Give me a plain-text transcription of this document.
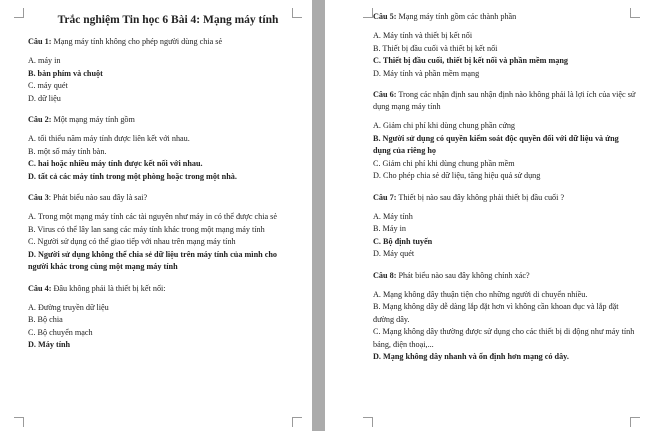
Trắc nghiệm Tin học 6 Bài 4: Mạng máy tính

Câu 1: Mạng máy tính không cho phép người dùng chia sẻ

A. máy in

B. bàn phím và chuột

C. máy quét

D. dữ liệu

Câu 2: Một mạng máy tính gồm

A. tối thiểu năm máy tính được liên kết với nhau.

B. một số máy tính bàn.

C. hai hoặc nhiều máy tính được kết nối với nhau.

D. tất cả các máy tính trong một phòng hoặc trong một nhà.

Câu 3: Phát biểu nào sau đây là sai?

A. Trong một mạng máy tính các tài nguyên như máy in có thể được chia sẻ

B. Virus có thể lây lan sang các máy tính khác trong một mạng máy tính

C. Người sử dụng có thể giao tiếp với nhau trên mạng máy tính

D. Người sử dụng không thể chia sẻ dữ liệu trên máy tính của mình cho người khác trong cùng một mạng máy tính

Câu 4: Đâu không phải là thiết bị kết nối:

A. Đường truyền dữ liệu

B. Bộ chia

C. Bộ chuyển mạch

D. Máy tính

Câu 5: Mạng máy tính gồm các thành phần

A. Máy tính và thiết bị kết nối

B. Thiết bị đầu cuối và thiết bị kết nối

C. Thiết bị đầu cuối, thiết bị kết nối và phần mềm mạng

D. Máy tính và phần mềm mạng

Câu 6: Trong các nhận định sau nhận định nào không phải là lợi ích của việc sử dụng mạng máy tính

A. Giảm chi phí khi dùng chung phần cứng

B. Người sử dụng có quyền kiểm soát độc quyền đối với dữ liệu và ứng dụng của riêng họ

C. Giảm chi phí khi dùng chung phần mềm

D. Cho phép chia sẻ dữ liệu, tăng hiệu quả sử dụng

Câu 7: Thiết bị nào sau đây không phải thiết bị đầu cuối ?

A. Máy tính

B. Máy in

C. Bộ định tuyến

D. Máy quét

Câu 8: Phát biểu nào sau đây không chính xác?

A. Mạng không dây thuận tiện cho những người di chuyển nhiều.

B. Mạng không dây dễ dàng lắp đặt hơn vì không cần khoan đục và lắp đặt đường dây.

C. Mạng không dây thường được sử dụng cho các thiết bị di động như máy tính bảng, điện thoại,...

D. Mạng không dây nhanh và ổn định hơn mạng có dây.
